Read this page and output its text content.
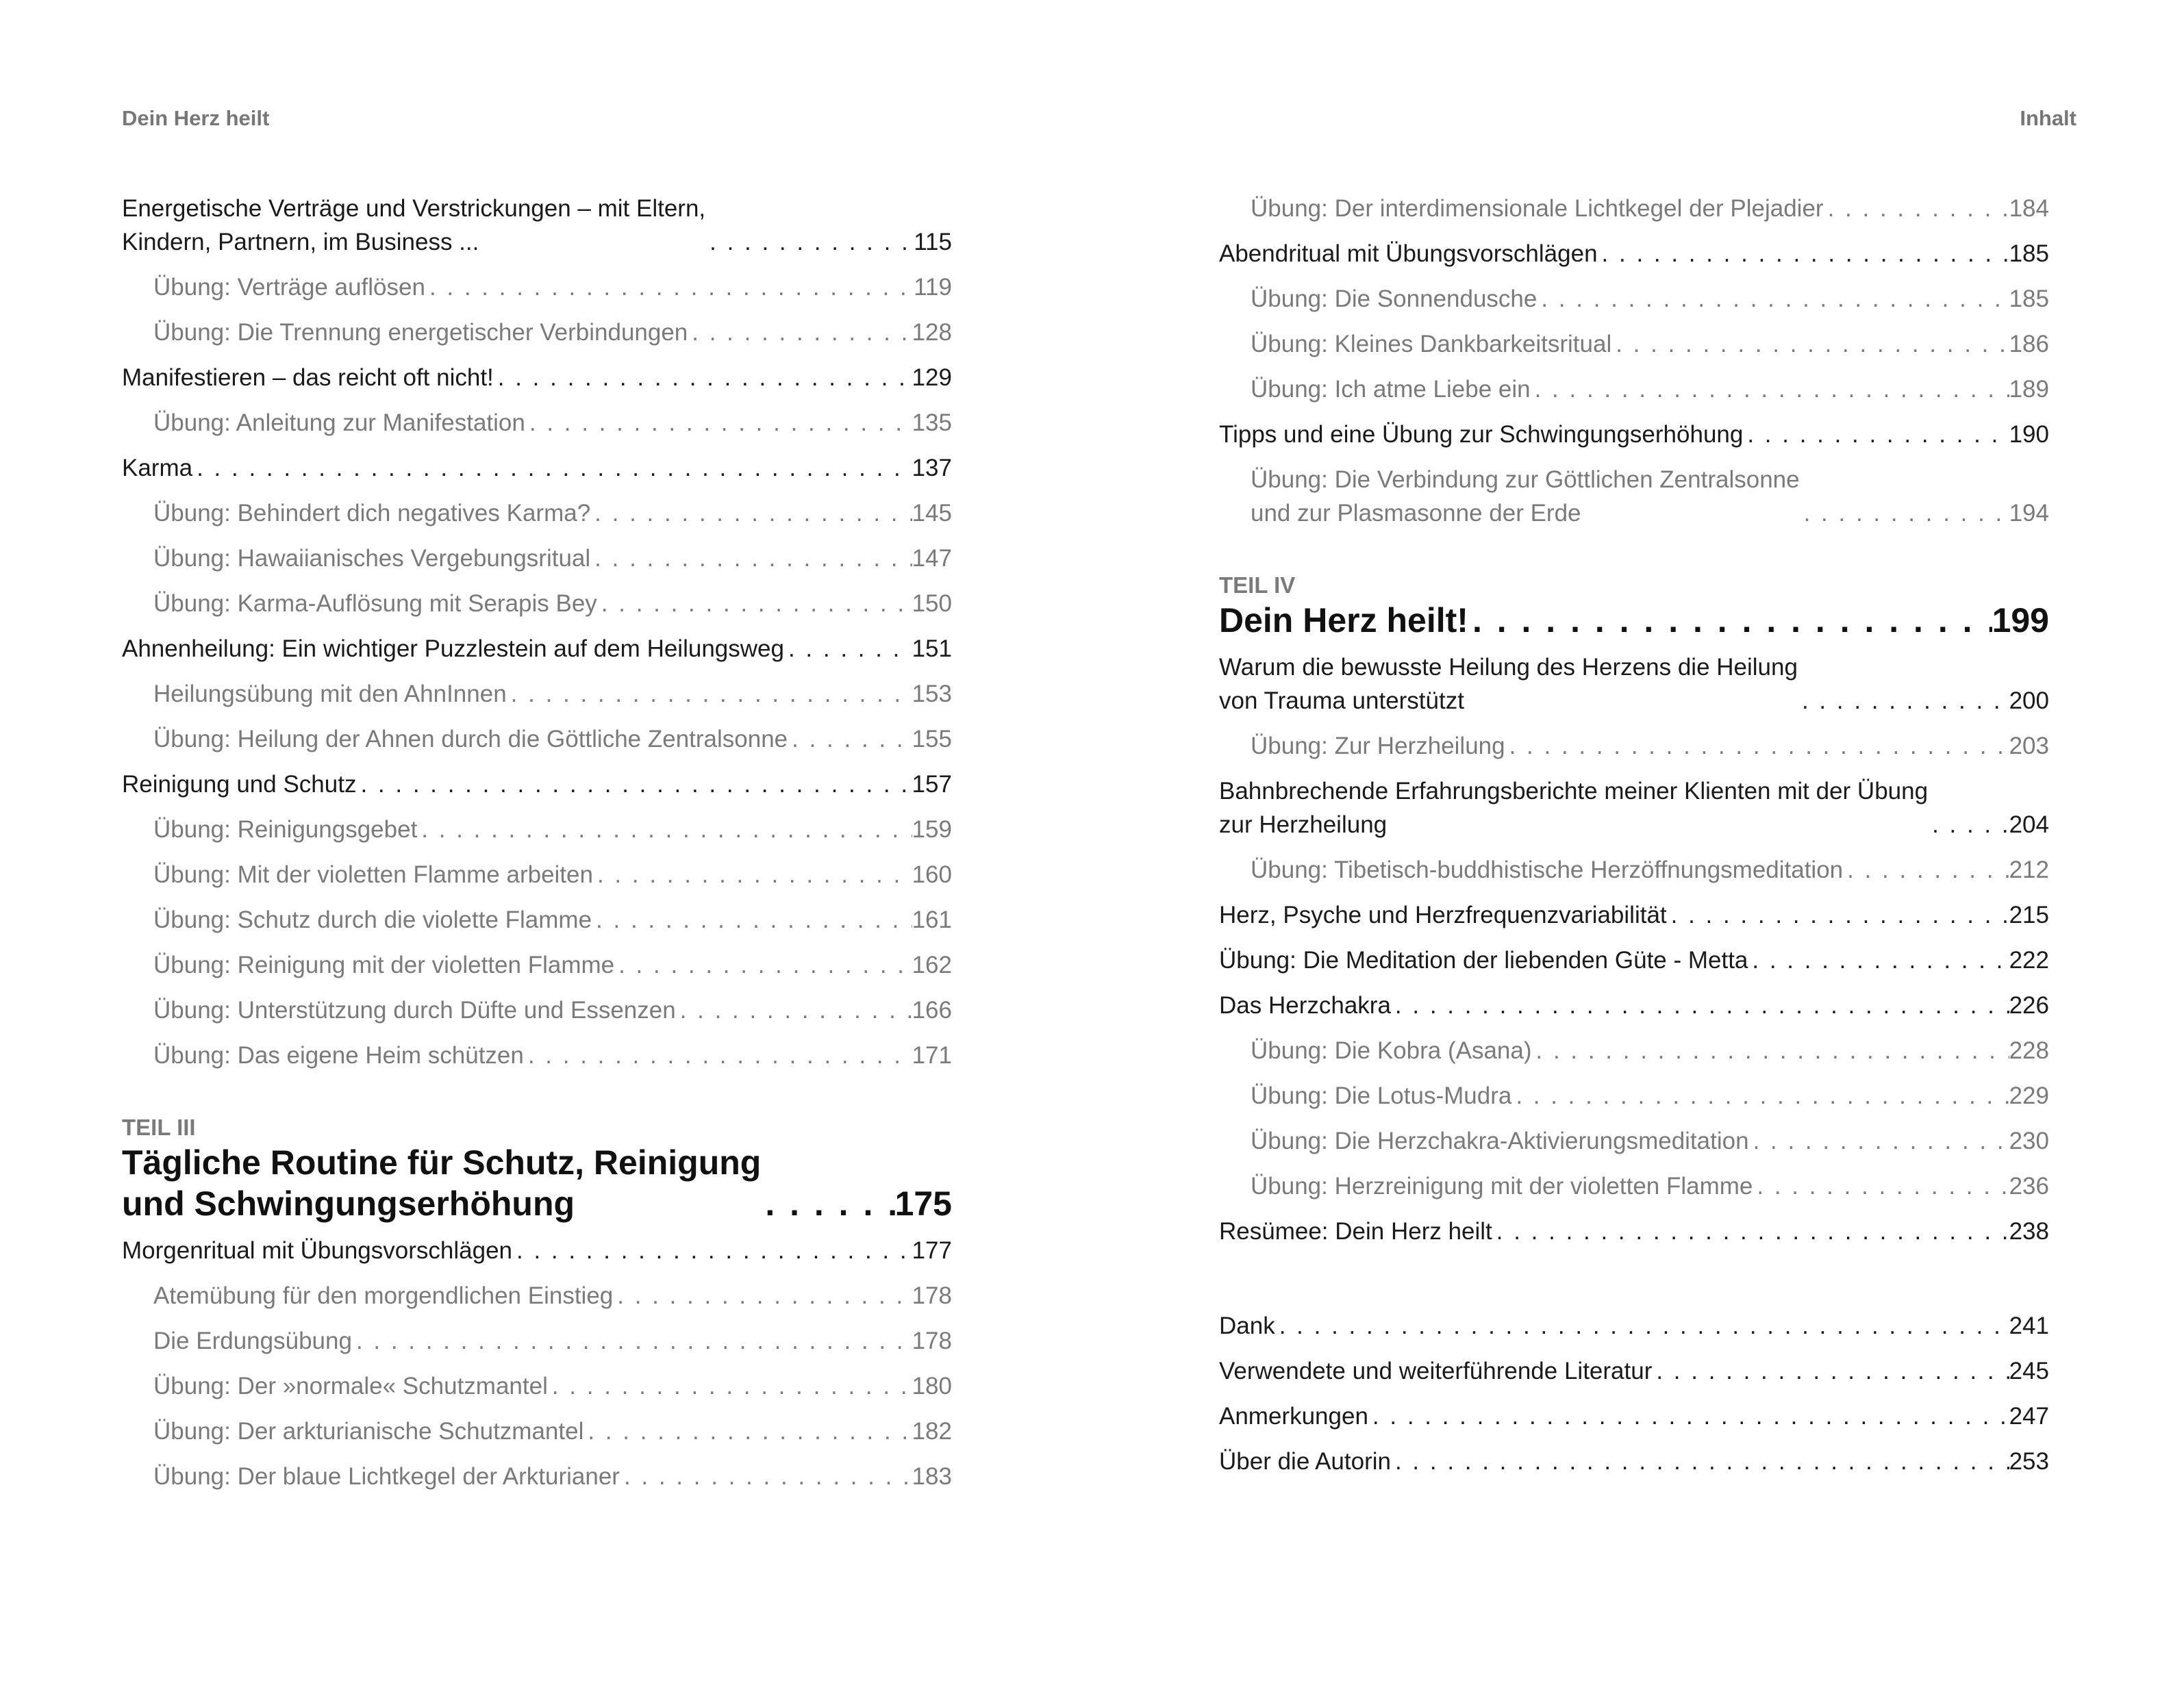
Dein Herz heilt	Inhalt
Energetische Verträge und Verstrickungen – mit Eltern,
Kindern, Partnern, im Business ... . . .	115
Übung: Verträge auflösen . . .	119
Übung: Die Trennung energetischer Verbindungen . . .	128
Manifestieren – das reicht oft nicht! . . .	129
Übung: Anleitung zur Manifestation . . .	135
Karma . . .	137
Übung: Behindert dich negatives Karma? . . .	145
Übung: Hawaiianisches Vergebungsritual . . .	147
Übung: Karma-Auflösung mit Serapis Bey . . .	150
Ahnenheilung: Ein wichtiger Puzzlestein auf dem Heilungsweg . . .	151
Heilungsübung mit den AhnInnen . . .	153
Übung: Heilung der Ahnen durch die Göttliche Zentralsonne . . .	155
Reinigung und Schutz . . .	157
Übung: Reinigungsgebet . . .	159
Übung: Mit der violetten Flamme arbeiten . . .	160
Übung: Schutz durch die violette Flamme . . .	161
Übung: Reinigung mit der violetten Flamme . . .	162
Übung: Unterstützung durch Düfte und Essenzen . . .	166
Übung: Das eigene Heim schützen . . .	171
TEIL III
Tägliche Routine für Schutz, Reinigung
und Schwingungserhöhung . . .	175
Morgenritual mit Übungsvorschlägen . . .	177
Atemübung für den morgendlichen Einstieg . . .	178
Die Erdungsübung . . .	178
Übung: Der »normale« Schutzmantel . . .	180
Übung: Der arkturianische Schutzmantel . . .	182
Übung: Der blaue Lichtkegel der Arkturianer . . .	183
Übung: Der interdimensionale Lichtkegel der Plejadier . . .	184
Abendritual mit Übungsvorschlägen . . .	185
Übung: Die Sonnendusche . . .	185
Übung: Kleines Dankbarkeitsritual . . .	186
Übung: Ich atme Liebe ein . . .	189
Tipps und eine Übung zur Schwingungserhöhung . . .	190
Übung: Die Verbindung zur Göttlichen Zentralsonne
und zur Plasmasonne der Erde . . .	194
TEIL IV
Dein Herz heilt! . . .	199
Warum die bewusste Heilung des Herzens die Heilung
von Trauma unterstützt . . .	200
Übung: Zur Herzheilung . . .	203
Bahnbrechende Erfahrungsberichte meiner Klienten mit der Übung
zur Herzheilung . . .	204
Übung: Tibetisch-buddhistische Herzöffnungsmeditation . . .	212
Herz, Psyche und Herzfrequenzvariabilität . . .	215
Übung: Die Meditation der liebenden Güte - Metta . . .	222
Das Herzchakra . . .	226
Übung: Die Kobra (Asana) . . .	228
Übung: Die Lotus-Mudra . . .	229
Übung: Die Herzchakra-Aktivierungsmeditation . . .	230
Übung: Herzreinigung mit der violetten Flamme . . .	236
Resümee: Dein Herz heilt . . .	238
Dank . . .	241
Verwendete und weiterführende Literatur . . .	245
Anmerkungen . . .	247
Über die Autorin . . .	253
